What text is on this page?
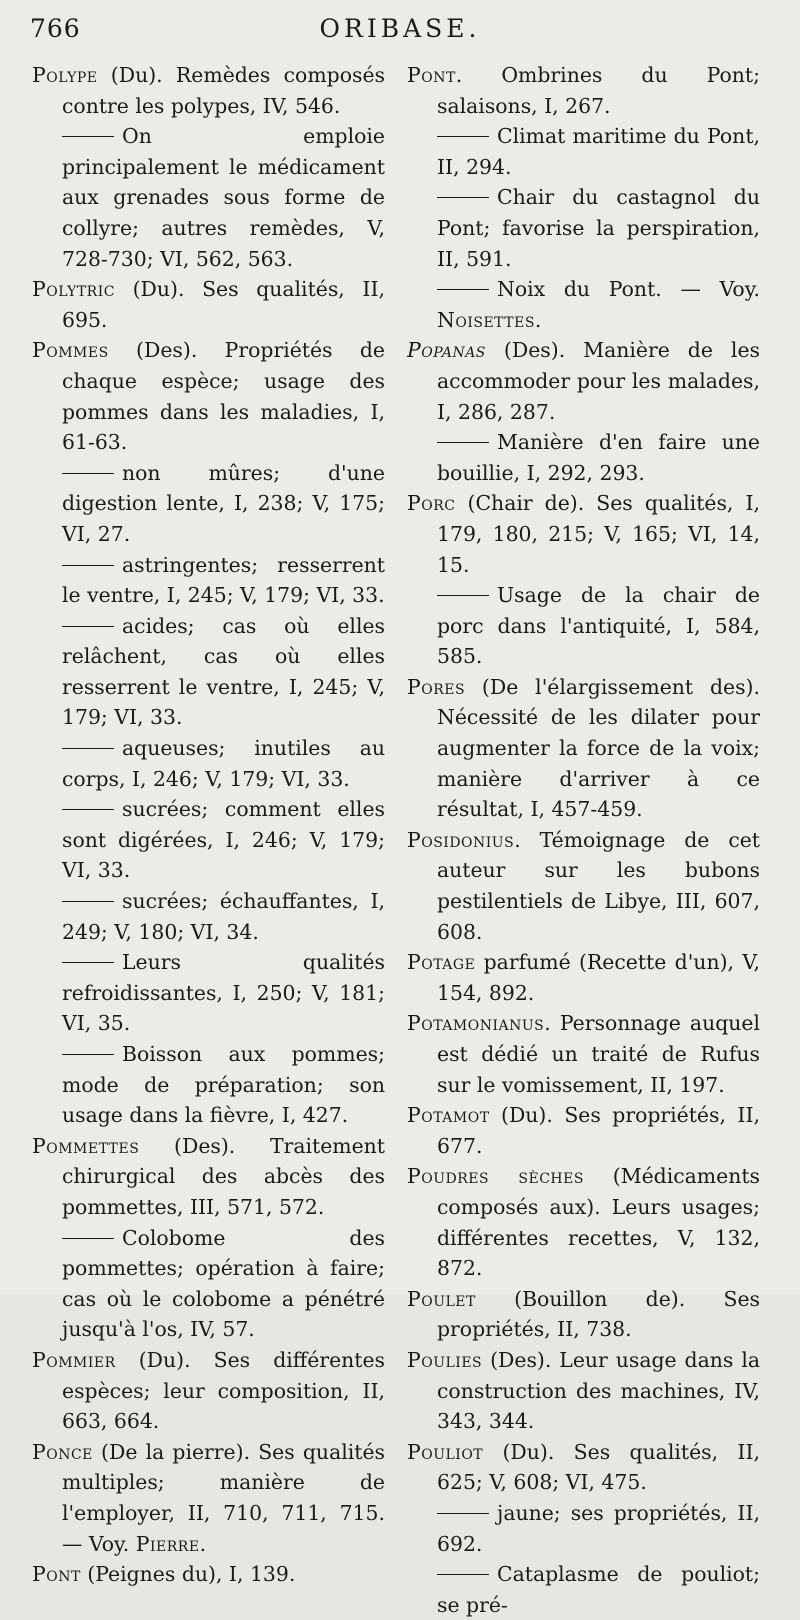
766	ORIBASE.

Polype (Du). Remèdes composés contre les polypes, IV, 546.

On emploie principalement le médicament aux grenades sous forme de collyre; autres remèdes, V, 728-730; VI, 562, 563.

Polytric (Du). Ses qualités, II, 695.

Pommes (Des). Propriétés de chaque espèce; usage des pommes dans les maladies, I, 61-63.

non mûres; d'une digestion lente, I, 238; V, 175; VI, 27.

astringentes; resserrent le ventre, I, 245; V, 179; VI, 33.

acides; cas où elles relâchent, cas où elles resserrent le ventre, I, 245; V, 179; VI, 33.

aqueuses; inutiles au corps, I, 246; V, 179; VI, 33.

sucrées; comment elles sont digérées, I, 246; V, 179; VI, 33.

sucrées; échauffantes, I, 249; V, 180; VI, 34.

Leurs qualités refroidissantes, I, 250; V, 181; VI, 35.

Boisson aux pommes; mode de préparation; son usage dans la fièvre, I, 427.

Pommettes (Des). Traitement chirurgical des abcès des pommettes, III, 571, 572.

Colobome des pommettes; opération à faire; cas où le colobome a pénétré jusqu'à l'os, IV, 57.

Pommier (Du). Ses différentes espèces; leur composition, II, 663, 664.

Ponce (De la pierre). Ses qualités multiples; manière de l'employer, II, 710, 711, 715. — Voy. Pierre.

Pont (Peignes du), I, 139.

Pont. Ombrines du Pont; salaisons, I, 267.

Climat maritime du Pont, II, 294.

Chair du castagnol du Pont; favorise la perspiration, II, 591.

Noix du Pont. — Voy. Noisettes.

Popanas (Des). Manière de les accommoder pour les malades, I, 286, 287.

Manière d'en faire une bouillie, I, 292, 293.

Porc (Chair de). Ses qualités, I, 179, 180, 215; V, 165; VI, 14, 15.

Usage de la chair de porc dans l'antiquité, I, 584, 585.

Pores (De l'élargissement des). Nécessité de les dilater pour augmenter la force de la voix; manière d'arriver à ce résultat, I, 457-459.

Posidonius. Témoignage de cet auteur sur les bubons pestilentiels de Libye, III, 607, 608.

Potage parfumé (Recette d'un), V, 154, 892.

Potamonianus. Personnage auquel est dédié un traité de Rufus sur le vomissement, II, 197.

Potamot (Du). Ses propriétés, II, 677.

Poudres sèches (Médicaments composés aux). Leurs usages; différentes recettes, V, 132, 872.

Poulet (Bouillon de). Ses propriétés, II, 738.

Poulies (Des). Leur usage dans la construction des machines, IV, 343, 344.

Pouliot (Du). Ses qualités, II, 625; V, 608; VI, 475.

jaune; ses propriétés, II, 692.

Cataplasme de pouliot; se pré-
